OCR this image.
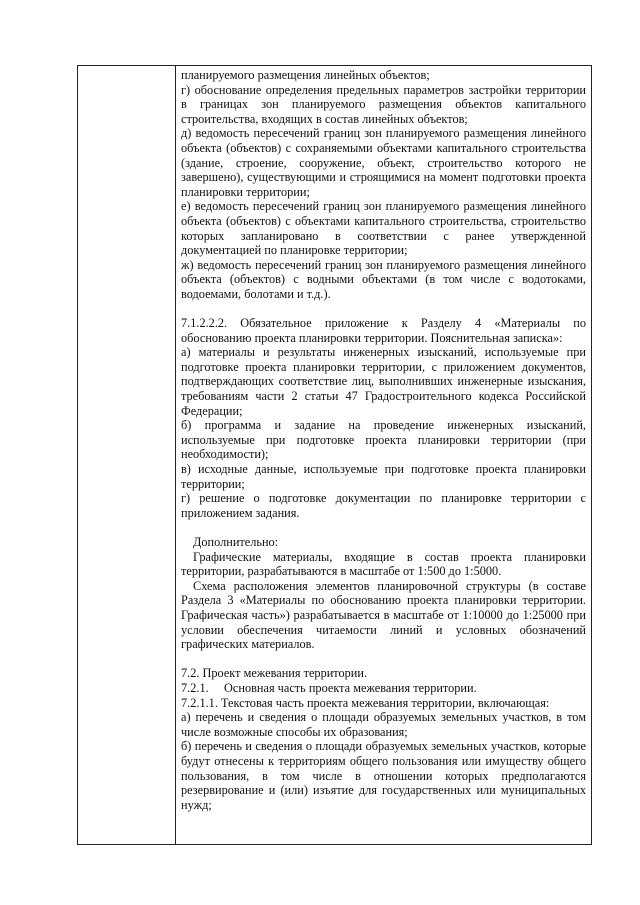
планируемого размещения линейных объектов;

г) обоснование определения предельных параметров застройки территории в границах зон планируемого размещения объектов капитального строительства, входящих в состав линейных объектов;

д) ведомость пересечений границ зон планируемого размещения линейного объекта (объектов) с сохраняемыми объектами капитального строительства (здание, строение, сооружение, объект, строительство которого не завершено), существующими и строящимися на момент подготовки проекта планировки территории;

е) ведомость пересечений границ зон планируемого размещения линейного объекта (объектов) с объектами капитального строительства, строительство которых запланировано в соответствии с ранее утвержденной документацией по планировке территории;

ж) ведомость пересечений границ зон планируемого размещения линейного объекта (объектов) с водными объектами (в том числе с водотоками, водоемами, болотами и т.д.).

7.1.2.2.2. Обязательное приложение к Разделу 4 «Материалы по обоснованию проекта планировки территории. Пояснительная записка»:

а) материалы и результаты инженерных изысканий, используемые при подготовке проекта планировки территории, с приложением документов, подтверждающих соответствие лиц, выполнивших инженерные изыскания, требованиям части 2 статьи 47 Градостроительного кодекса Российской Федерации;

б) программа и задание на проведение инженерных изысканий, используемые при подготовке проекта планировки территории (при необходимости);

в) исходные данные, используемые при подготовке проекта планировки территории;

г) решение о подготовке документации по планировке территории с приложением задания.

Дополнительно:

Графические материалы, входящие в состав проекта планировки территории, разрабатываются в масштабе от 1:500 до 1:5000.

Схема расположения элементов планировочной структуры (в составе Раздела 3 «Материалы по обоснованию проекта планировки территории. Графическая часть») разрабатывается в масштабе от 1:10000 до 1:25000 при условии обеспечения читаемости линий и условных обозначений графических материалов.

7.2. Проект межевания территории.

7.2.1.     Основная часть проекта межевания территории.

7.2.1.1. Текстовая часть проекта межевания территории, включающая:

а) перечень и сведения о площади образуемых земельных участков, в том числе возможные способы их образования;

б) перечень и сведения о площади образуемых земельных участков, которые будут отнесены к территориям общего пользования или имуществу общего пользования, в том числе в отношении которых предполагаются резервирование и (или) изъятие для государственных или муниципальных нужд;
